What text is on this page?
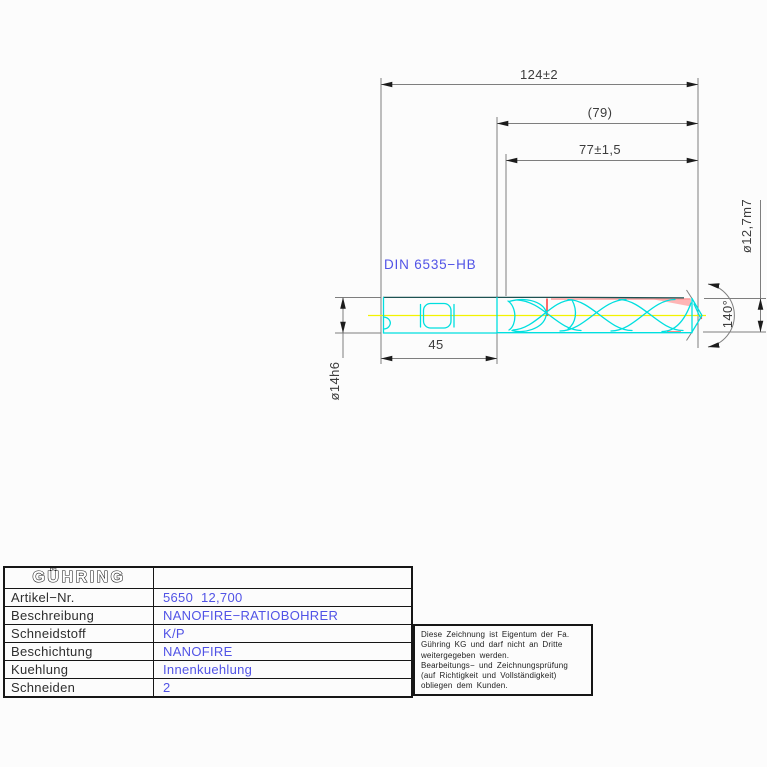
124±2
(79)
77±1,5
45
ø14h6
ø12,7m7
140°
DIN 6535−HB
GÜHRING
Artikel−Nr.	5650  12,700
Beschreibung	NANOFIRE−RATIOBOHRER
Schneidstoff	K/P
Beschichtung	NANOFIRE
Kuehlung	Innenkuehlung
Schneiden	2
Diese Zeichnung ist Eigentum der Fa.
Gühring KG und darf nicht an Dritte
weitergegeben werden.
Bearbeitungs− und Zeichnungsprüfung
(auf Richtigkeit und Vollständigkeit)
obliegen dem Kunden.
